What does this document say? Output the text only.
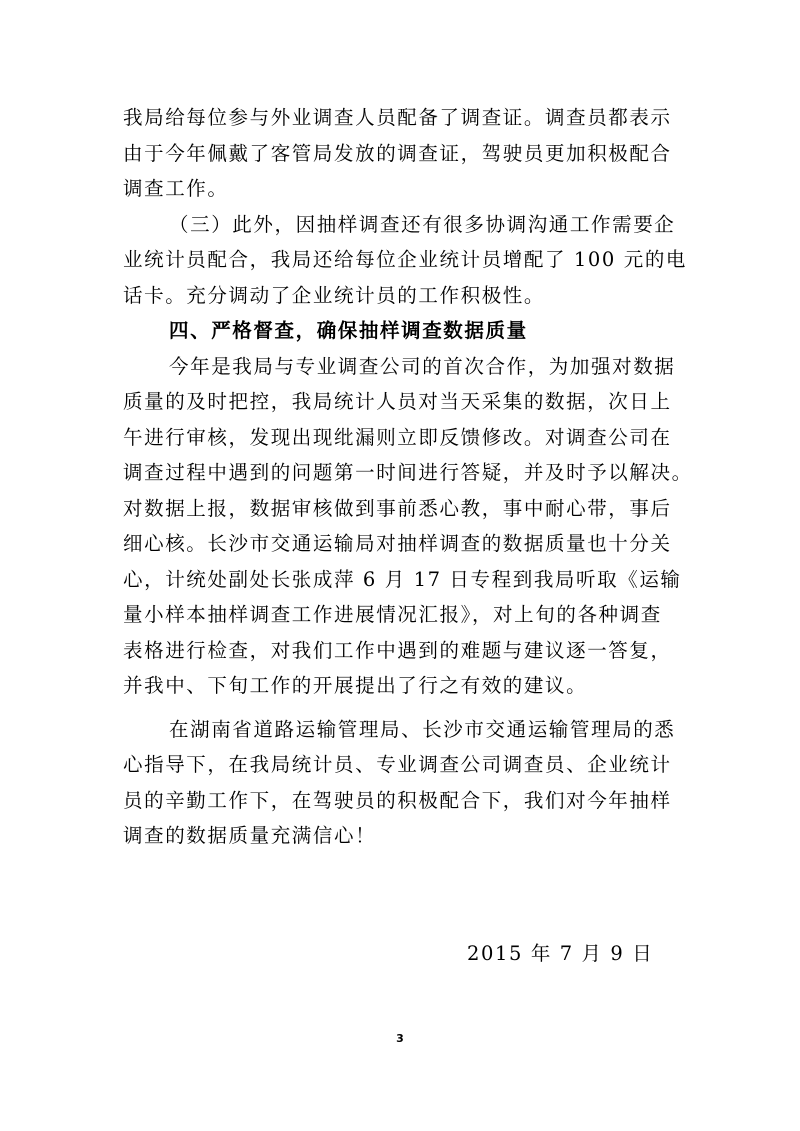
我局给每位参与外业调查人员配备了调查证。调查员都表示
由于今年佩戴了客管局发放的调查证，驾驶员更加积极配合
调查工作。
（三）此外，因抽样调查还有很多协调沟通工作需要企
业统计员配合，我局还给每位企业统计员增配了 100 元的电
话卡。充分调动了企业统计员的工作积极性。
四、严格督查，确保抽样调查数据质量
今年是我局与专业调查公司的首次合作，为加强对数据
质量的及时把控，我局统计人员对当天采集的数据，次日上
午进行审核，发现出现纰漏则立即反馈修改。对调查公司在
调查过程中遇到的问题第一时间进行答疑，并及时予以解决。
对数据上报，数据审核做到事前悉心教，事中耐心带，事后
细心核。长沙市交通运输局对抽样调查的数据质量也十分关
心，计统处副处长张成萍 6 月 17 日专程到我局听取《运输
量小样本抽样调查工作进展情况汇报》，对上旬的各种调查
表格进行检查，对我们工作中遇到的难题与建议逐一答复，
并我中、下旬工作的开展提出了行之有效的建议。
在湖南省道路运输管理局、长沙市交通运输管理局的悉
心指导下，在我局统计员、专业调查公司调查员、企业统计
员的辛勤工作下，在驾驶员的积极配合下，我们对今年抽样
调查的数据质量充满信心！
2015 年 7 月 9 日
3
